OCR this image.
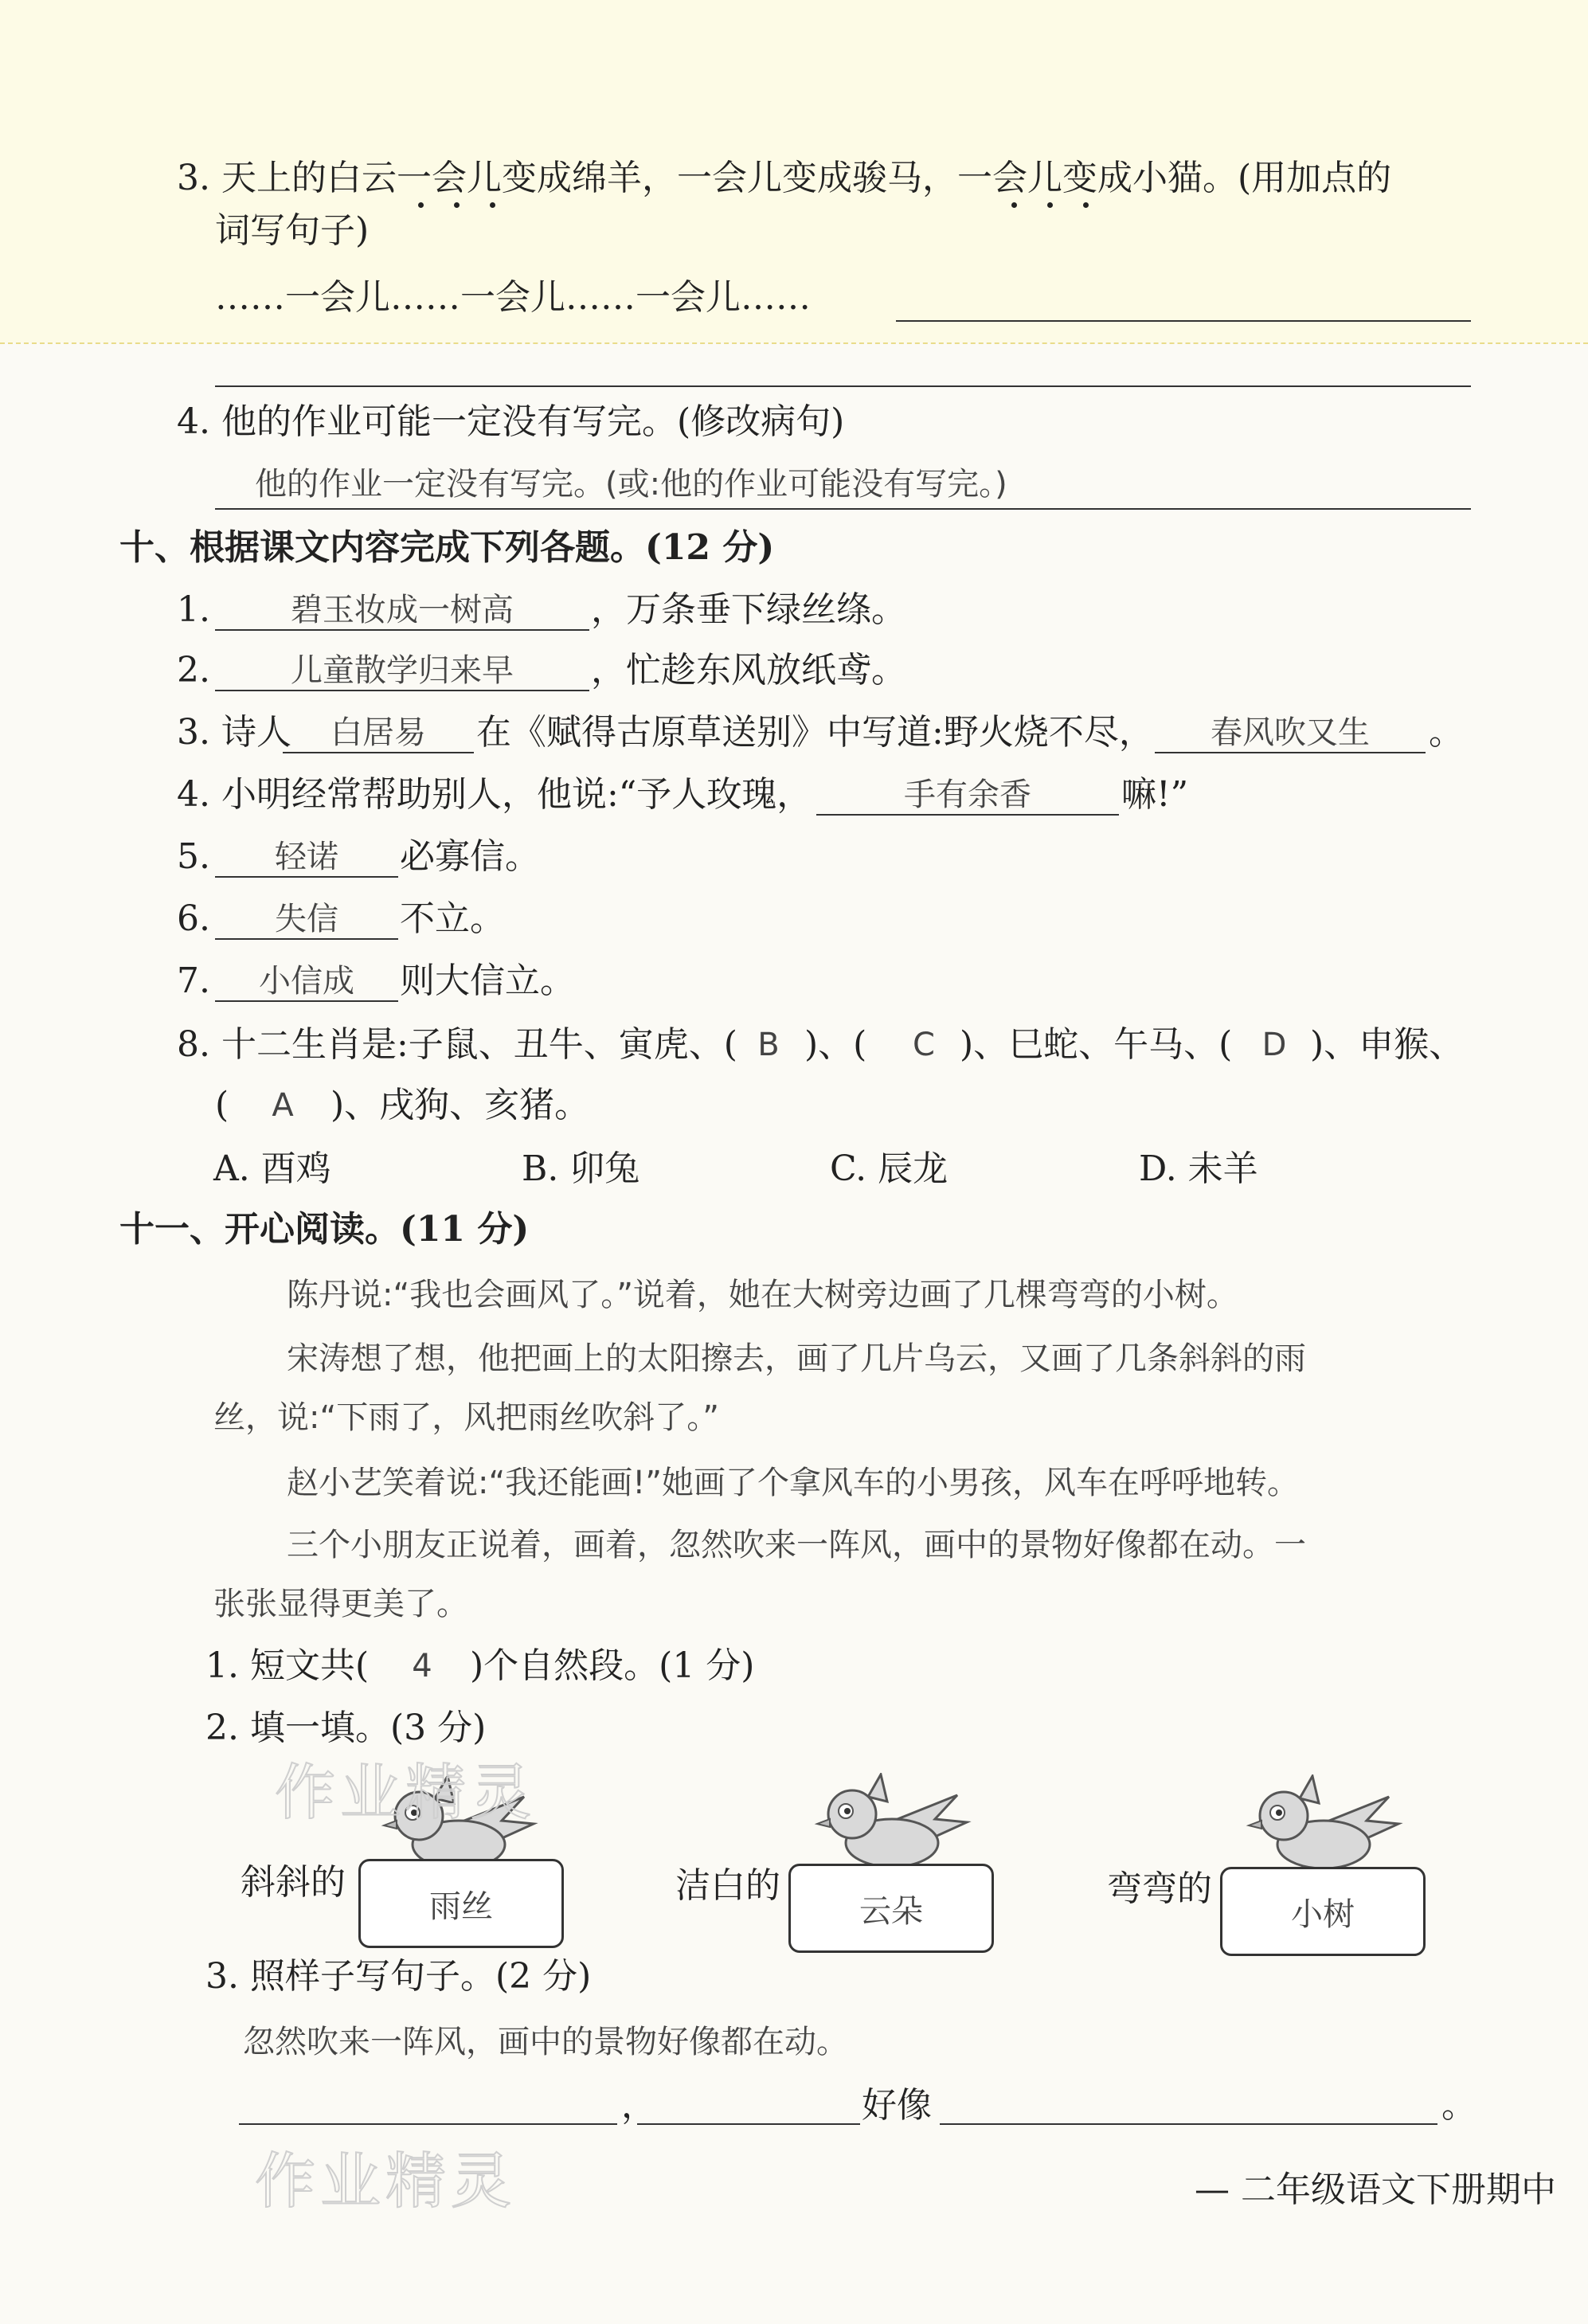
3. 天上的白云一会儿变成绵羊，一会儿变成骏马，一会儿变成小猫。(用加点的
词写句子)
……一会儿……一会儿……一会儿……
4. 他的作业可能一定没有写完。(修改病句)
他的作业一定没有写完。(或:他的作业可能没有写完。)
十、根据课文内容完成下列各题。(12 分)
1.	碧玉妆成一树高	，万条垂下绿丝绦。
2.	儿童散学归来早	，忙趁东风放纸鸢。
3. 诗人	白居易	在《赋得古原草送别》中写道:野火烧不尽，	春风吹又生	。
4. 小明经常帮助别人，他说:“予人玫瑰，	手有余香	嘛!”
5.	轻诺	必寡信。
6.	失信	不立。
7.	小信成	则大信立。
8. 十二生肖是:子鼠、丑牛、寅虎、( B )、(	C )、巳蛇、午马、( D )、申猴、
(	A	)、戌狗、亥猪。
A. 酉鸡	B. 卯兔	C. 辰龙	D. 未羊
十一、开心阅读。(11 分)
陈丹说:“我也会画风了。”说着，她在大树旁边画了几棵弯弯的小树。
宋涛想了想，他把画上的太阳擦去，画了几片乌云，又画了几条斜斜的雨
丝，说:“下雨了，风把雨丝吹斜了。”
赵小艺笑着说:“我还能画!”她画了个拿风车的小男孩，风车在呼呼地转。
三个小朋友正说着，画着，忽然吹来一阵风，画中的景物好像都在动。一
张张显得更美了。
1. 短文共(	4	)个自然段。(1 分)
2. 填一填。(3 分)
斜斜的
雨丝
洁白的
云朵
弯弯的
小树
3. 照样子写句子。(2 分)
忽然吹来一阵风，画中的景物好像都在动。
，	好像	。
作业精灵
作业精灵	— 二年级语文下册期中
